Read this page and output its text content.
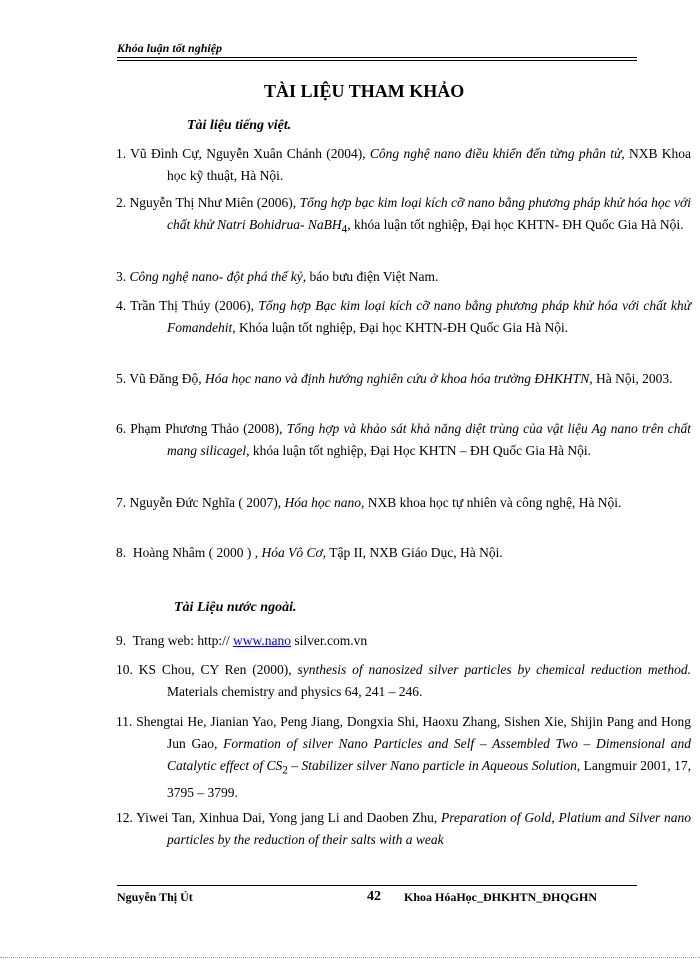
Khóa luận tốt nghiệp
TÀI LIỆU THAM KHẢO
Tài liệu tiếng việt.
1. Vũ Đình Cự, Nguyễn Xuân Chánh (2004), Công nghệ nano điều khiển đến từng phân tử, NXB Khoa học kỹ thuật, Hà Nội.
2. Nguyễn Thị Như Miên (2006), Tổng hợp bạc kim loại kích cỡ nano bằng phương pháp khử hóa học với chất khử Natri Bohidrua- NaBH$_4$, khóa luận tốt nghiệp, Đại học KHTN- ĐH Quốc Gia Hà Nội.
3. Công nghệ nano- đột phá thế kỷ, báo bưu điện Việt Nam.
4. Trần Thị Thúy (2006), Tổng hợp Bạc kim loại kích cỡ nano bằng phương pháp khử hóa với chất khử Fomandehit, Khóa luận tốt nghiệp, Đại học KHTN-ĐH Quốc Gia Hà Nội.
5. Vũ Đăng Độ, Hóa học nano và định hướng nghiên cứu ở khoa hóa trường ĐHKHTN, Hà Nội, 2003.
6. Phạm Phương Thảo (2008), Tổng hợp và khảo sát khả năng diệt trùng của vật liệu Ag nano trên chất mang silicagel, khóa luận tốt nghiệp, Đại Học KHTN – ĐH Quốc Gia Hà Nội.
7. Nguyễn Đức Nghĩa ( 2007), Hóa học nano, NXB khoa học tự nhiên và công nghệ, Hà Nội.
8. Hoàng Nhâm ( 2000 ) , Hóa Vô Cơ, Tập II, NXB Giáo Dục, Hà Nội.
Tài Liệu nước ngoài.
9. Trang web: http:// www.nano silver.com.vn
10. KS Chou, CY Ren (2000), synthesis of nanosized silver particles by chemical reduction method. Materials chemistry and physics 64, 241 – 246.
11. Shengtai He, Jianian Yao, Peng Jiang, Dongxia Shi, Haoxu Zhang, Sishen Xie, Shijin Pang and Hong Jun Gao, Formation of silver Nano Particles and Self – Assembled Two – Dimensional and Catalytic effect of $CS_2$ – Stabilizer silver Nano particle in Aqueous Solution, Langmuir 2001, 17, 3795 – 3799.
12. Yiwei Tan, Xinhua Dai, Yong jang Li and Daoben Zhu, Preparation of Gold, Platium and Silver nano particles by the reduction of their salts with a weak
Nguyễn Thị Út	42 Khoa HóaHọc_ĐHKHTN_ĐHQGHN
